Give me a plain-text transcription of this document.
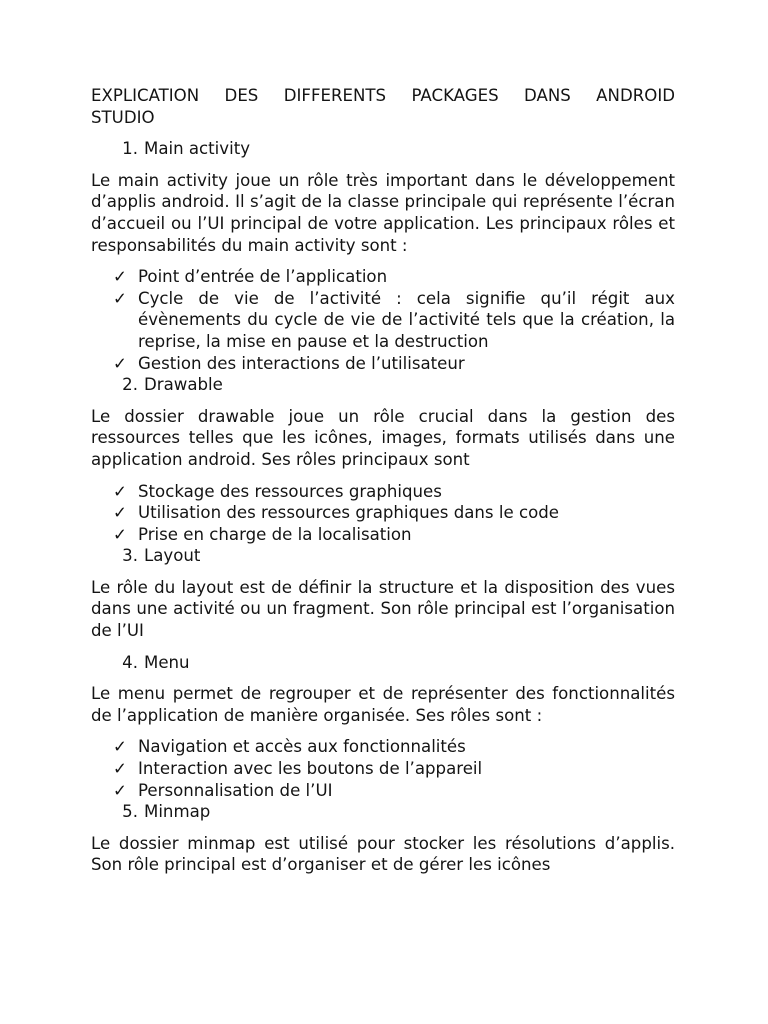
EXPLICATION DES DIFFERENTS PACKAGES DANS ANDROID

STUDIO

1. Main activity

Le main activity joue un rôle très important dans le développement d’applis android. Il s’agit de la classe principale qui représente l’écran d’accueil ou l’UI principal de votre application. Les principaux rôles et responsabilités du main activity sont :

✓ Point d’entrée de l’application
✓ Cycle de vie de l’activité : cela signifie qu’il régit aux évènements du cycle de vie de l’activité tels que la création, la reprise, la mise en pause et la destruction
✓ Gestion des interactions de l’utilisateur
2. Drawable

Le dossier drawable joue un rôle crucial dans la gestion des ressources telles que les icônes, images, formats utilisés dans une application android. Ses rôles principaux sont

✓ Stockage des ressources graphiques
✓ Utilisation des ressources graphiques dans le code
✓ Prise en charge de la localisation
3. Layout

Le rôle du layout est de définir la structure et la disposition des vues dans une activité ou un fragment. Son rôle principal est l’organisation de l’UI

4. Menu

Le menu permet de regrouper et de représenter des fonctionnalités de l’application de manière organisée. Ses rôles sont :

✓ Navigation et accès aux fonctionnalités
✓ Interaction avec les boutons de l’appareil
✓ Personnalisation de l’UI
5. Minmap

Le dossier minmap est utilisé pour stocker les résolutions d’applis. Son rôle principal est d’organiser et de gérer les icônes
